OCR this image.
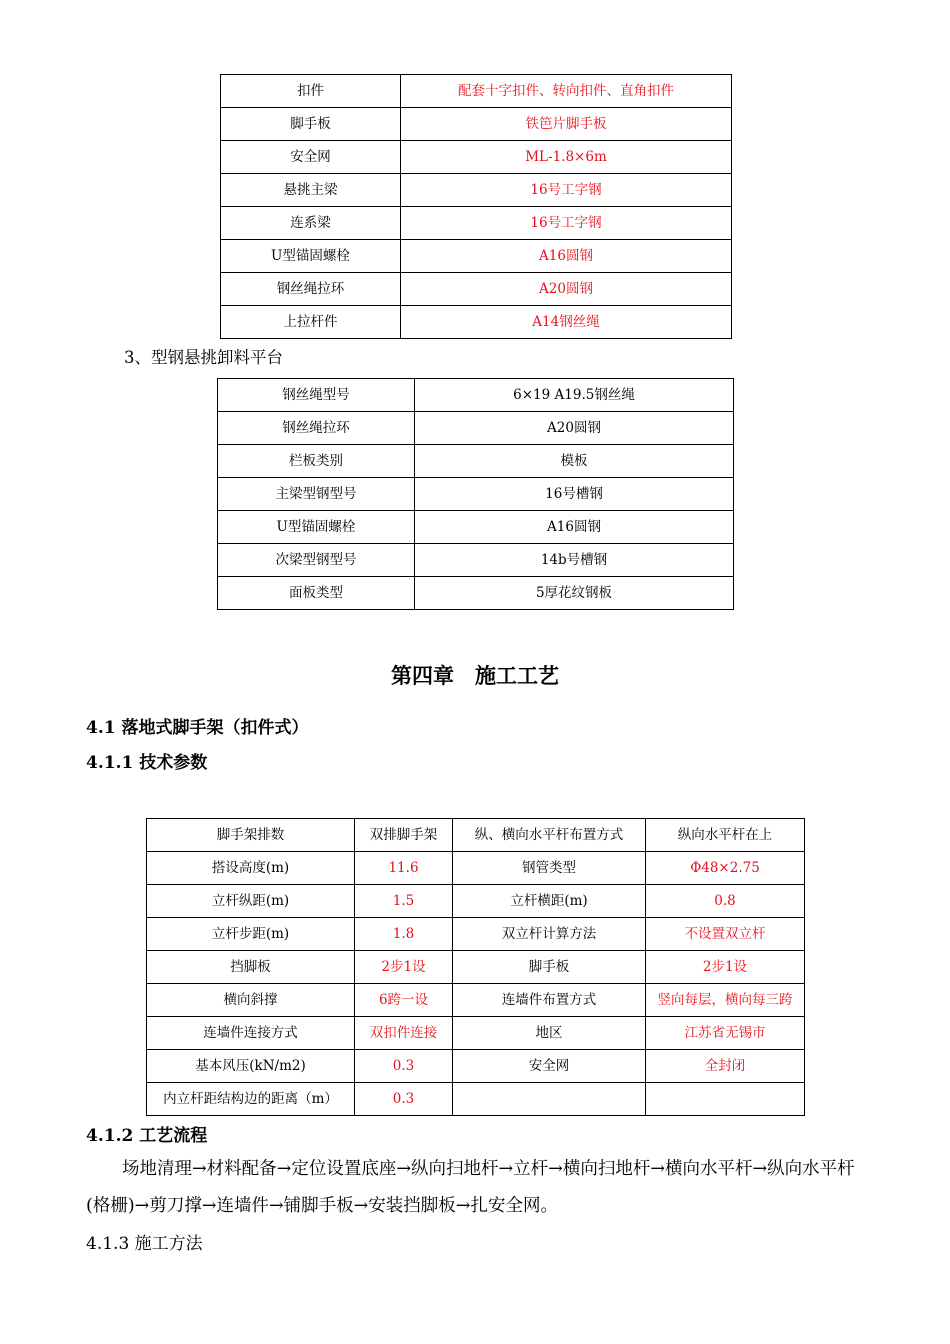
扣件	配套十字扣件、转向扣件、直角扣件
脚手板	铁笆片脚手板
安全网	ML-1.8×6m
悬挑主梁	16号工字钢
连系梁	16号工字钢
U型锚固螺栓	A16圆钢
钢丝绳拉环	A20圆钢
上拉杆件	A14钢丝绳
3、型钢悬挑卸料平台
钢丝绳型号	6×19 A19.5钢丝绳
钢丝绳拉环	A20圆钢
栏板类别	模板
主梁型钢型号	16号槽钢
U型锚固螺栓	A16圆钢
次梁型钢型号	14b号槽钢
面板类型	5厚花纹钢板
第四章　施工工艺
4.1 落地式脚手架（扣件式）
4.1.1 技术参数
脚手架排数	双排脚手架	纵、横向水平杆布置方式	纵向水平杆在上
搭设高度(m)	11.6	钢管类型	Φ48×2.75
立杆纵距(m)	1.5	立杆横距(m)	0.8
立杆步距(m)	1.8	双立杆计算方法	不设置双立杆
挡脚板	2步1设	脚手板	2步1设
横向斜撑	6跨一设	连墙件布置方式	竖向每层，横向每三跨
连墙件连接方式	双扣件连接	地区	江苏省无锡市
基本风压(kN/m2)	0.3	安全网	全封闭
内立杆距结构边的距离（m）	0.3		
4.1.2 工艺流程
场地清理→材料配备→定位设置底座→纵向扫地杆→立杆→横向扫地杆→横向水平杆→纵向水平杆(格栅)→剪刀撑→连墙件→铺脚手板→安装挡脚板→扎安全网。
4.1.3 施工方法
